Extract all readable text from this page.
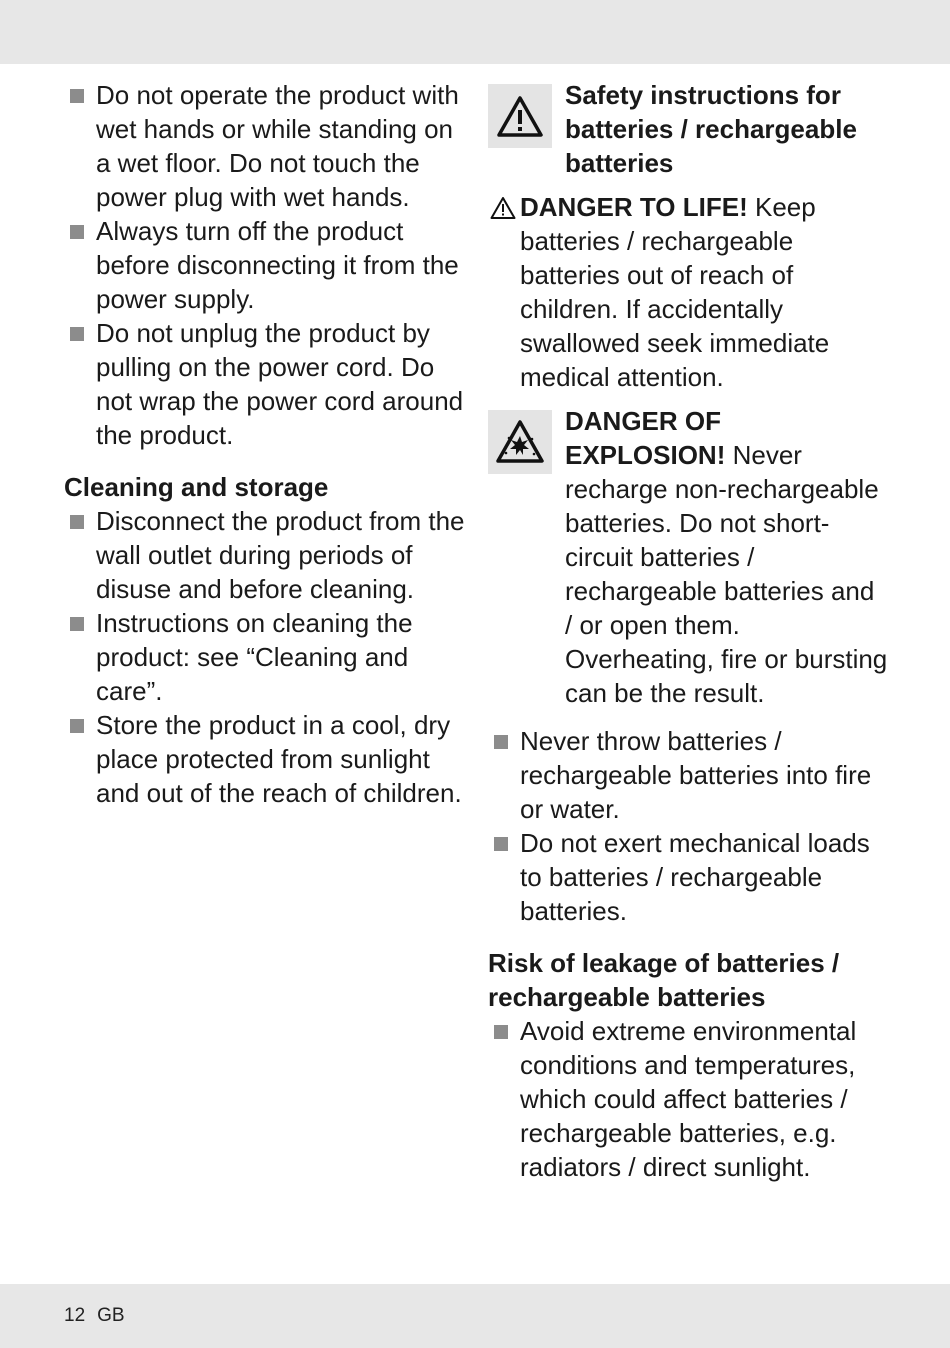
Do not operate the product with wet hands or while standing on a wet floor. Do not touch the power plug with wet hands.
Always turn off the product before disconnecting it from the power supply.
Do not unplug the product by pulling on the power cord. Do not wrap the power cord around the product.
Cleaning and storage
Disconnect the product from the wall outlet during periods of disuse and before cleaning.
Instructions on cleaning the product: see “Cleaning and care”.
Store the product in a cool, dry place protected from sunlight and out of the reach of children.
Safety instructions for batteries / rechargeable batteries
DANGER TO LIFE! Keep batteries / rechargeable batteries out of reach of children. If accidentally swallowed seek immediate medical attention.
DANGER OF EXPLOSION! Never recharge non-rechargeable batteries. Do not short-circuit batteries / rechargeable batteries and / or open them. Overheating, fire or bursting can be the result.
Never throw batteries / rechargeable batteries into fire or water.
Do not exert mechanical loads to batteries / rechargeable batteries.
Risk of leakage of batteries / rechargeable batteries
Avoid extreme environmental conditions and temperatures, which could affect batteries / rechargeable batteries, e.g. radiators / direct sunlight.
12 GB
